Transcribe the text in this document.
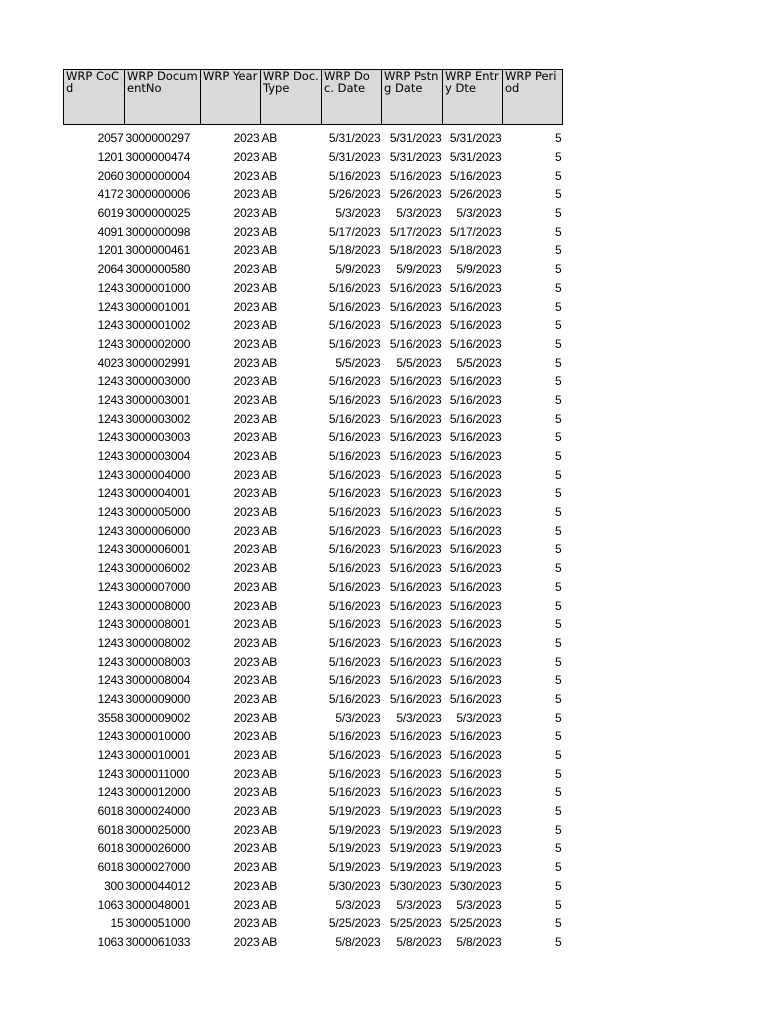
WRP CoCd	WRP DocumentNo	WRP Year	WRP Doc. Type	WRP Doc. Date	WRP Pstng Date	WRP Entry Dte	WRP Period

2057	3000000297	2023	AB	5/31/2023	5/31/2023	5/31/2023	5
1201	3000000474	2023	AB	5/31/2023	5/31/2023	5/31/2023	5
2060	3000000004	2023	AB	5/16/2023	5/16/2023	5/16/2023	5
4172	3000000006	2023	AB	5/26/2023	5/26/2023	5/26/2023	5
6019	3000000025	2023	AB	5/3/2023	5/3/2023	5/3/2023	5
4091	3000000098	2023	AB	5/17/2023	5/17/2023	5/17/2023	5
1201	3000000461	2023	AB	5/18/2023	5/18/2023	5/18/2023	5
2064	3000000580	2023	AB	5/9/2023	5/9/2023	5/9/2023	5
1243	3000001000	2023	AB	5/16/2023	5/16/2023	5/16/2023	5
1243	3000001001	2023	AB	5/16/2023	5/16/2023	5/16/2023	5
1243	3000001002	2023	AB	5/16/2023	5/16/2023	5/16/2023	5
1243	3000002000	2023	AB	5/16/2023	5/16/2023	5/16/2023	5
4023	3000002991	2023	AB	5/5/2023	5/5/2023	5/5/2023	5
1243	3000003000	2023	AB	5/16/2023	5/16/2023	5/16/2023	5
1243	3000003001	2023	AB	5/16/2023	5/16/2023	5/16/2023	5
1243	3000003002	2023	AB	5/16/2023	5/16/2023	5/16/2023	5
1243	3000003003	2023	AB	5/16/2023	5/16/2023	5/16/2023	5
1243	3000003004	2023	AB	5/16/2023	5/16/2023	5/16/2023	5
1243	3000004000	2023	AB	5/16/2023	5/16/2023	5/16/2023	5
1243	3000004001	2023	AB	5/16/2023	5/16/2023	5/16/2023	5
1243	3000005000	2023	AB	5/16/2023	5/16/2023	5/16/2023	5
1243	3000006000	2023	AB	5/16/2023	5/16/2023	5/16/2023	5
1243	3000006001	2023	AB	5/16/2023	5/16/2023	5/16/2023	5
1243	3000006002	2023	AB	5/16/2023	5/16/2023	5/16/2023	5
1243	3000007000	2023	AB	5/16/2023	5/16/2023	5/16/2023	5
1243	3000008000	2023	AB	5/16/2023	5/16/2023	5/16/2023	5
1243	3000008001	2023	AB	5/16/2023	5/16/2023	5/16/2023	5
1243	3000008002	2023	AB	5/16/2023	5/16/2023	5/16/2023	5
1243	3000008003	2023	AB	5/16/2023	5/16/2023	5/16/2023	5
1243	3000008004	2023	AB	5/16/2023	5/16/2023	5/16/2023	5
1243	3000009000	2023	AB	5/16/2023	5/16/2023	5/16/2023	5
3558	3000009002	2023	AB	5/3/2023	5/3/2023	5/3/2023	5
1243	3000010000	2023	AB	5/16/2023	5/16/2023	5/16/2023	5
1243	3000010001	2023	AB	5/16/2023	5/16/2023	5/16/2023	5
1243	3000011000	2023	AB	5/16/2023	5/16/2023	5/16/2023	5
1243	3000012000	2023	AB	5/16/2023	5/16/2023	5/16/2023	5
6018	3000024000	2023	AB	5/19/2023	5/19/2023	5/19/2023	5
6018	3000025000	2023	AB	5/19/2023	5/19/2023	5/19/2023	5
6018	3000026000	2023	AB	5/19/2023	5/19/2023	5/19/2023	5
6018	3000027000	2023	AB	5/19/2023	5/19/2023	5/19/2023	5
300	3000044012	2023	AB	5/30/2023	5/30/2023	5/30/2023	5
1063	3000048001	2023	AB	5/3/2023	5/3/2023	5/3/2023	5
15	3000051000	2023	AB	5/25/2023	5/25/2023	5/25/2023	5
1063	3000061033	2023	AB	5/8/2023	5/8/2023	5/8/2023	5
